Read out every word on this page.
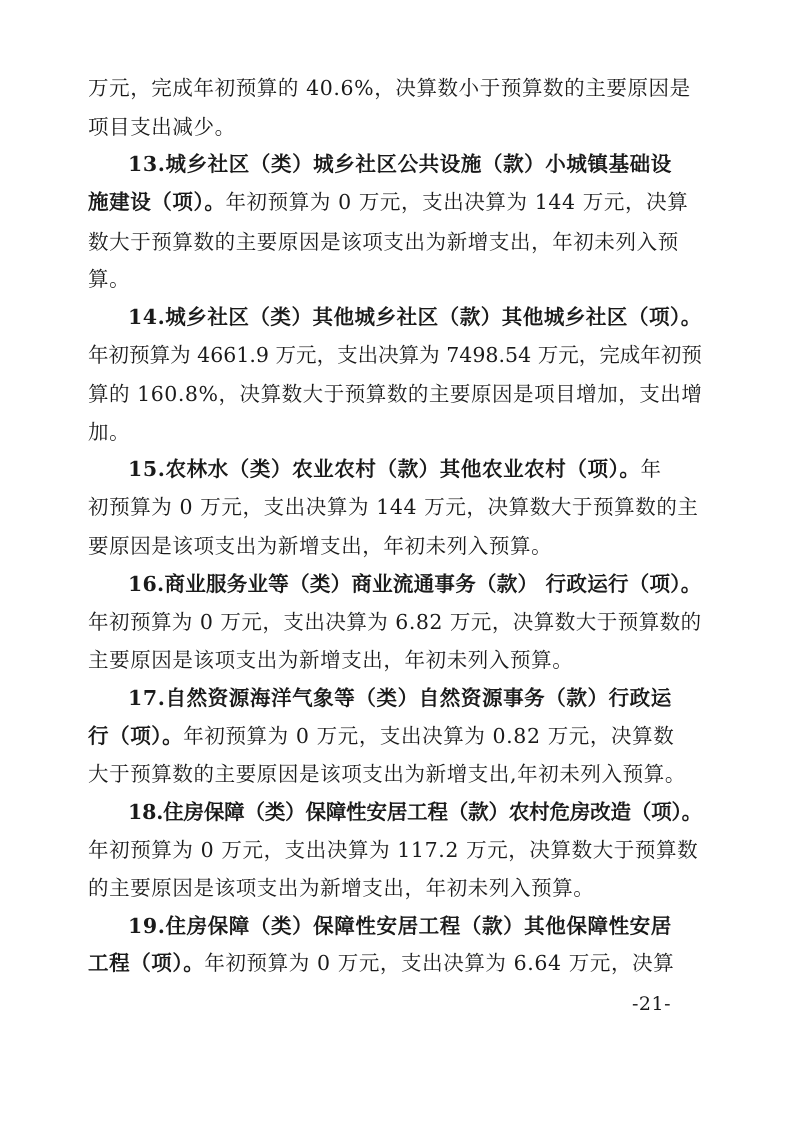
万元，完成年初预算的 40.6%，决算数小于预算数的主要原因是
项目支出减少。
13.城乡社区（类）城乡社区公共设施（款）小城镇基础设
施建设（项）。年初预算为 0 万元，支出决算为 144 万元，决算
数大于预算数的主要原因是该项支出为新增支出，年初未列入预
算。
14.城乡社区（类）其他城乡社区（款）其他城乡社区（项）。
年初预算为 4661.9 万元，支出决算为 7498.54 万元，完成年初预
算的 160.8%，决算数大于预算数的主要原因是项目增加，支出增
加。
15.农林水（类）农业农村（款）其他农业农村（项）。年
初预算为 0 万元，支出决算为 144 万元，决算数大于预算数的主
要原因是该项支出为新增支出，年初未列入预算。
16.商业服务业等（类）商业流通事务（款） 行政运行（项）。
年初预算为 0 万元，支出决算为 6.82 万元，决算数大于预算数的
主要原因是该项支出为新增支出，年初未列入预算。
17.自然资源海洋气象等（类）自然资源事务（款）行政运
行（项）。年初预算为 0 万元，支出决算为 0.82 万元，决算数
大于预算数的主要原因是该项支出为新增支出,年初未列入预算。
18.住房保障（类）保障性安居工程（款）农村危房改造（项）。
年初预算为 0 万元，支出决算为 117.2 万元，决算数大于预算数
的主要原因是该项支出为新增支出，年初未列入预算。
19.住房保障（类）保障性安居工程（款）其他保障性安居
工程（项）。年初预算为 0 万元，支出决算为 6.64 万元，决算
-21-
